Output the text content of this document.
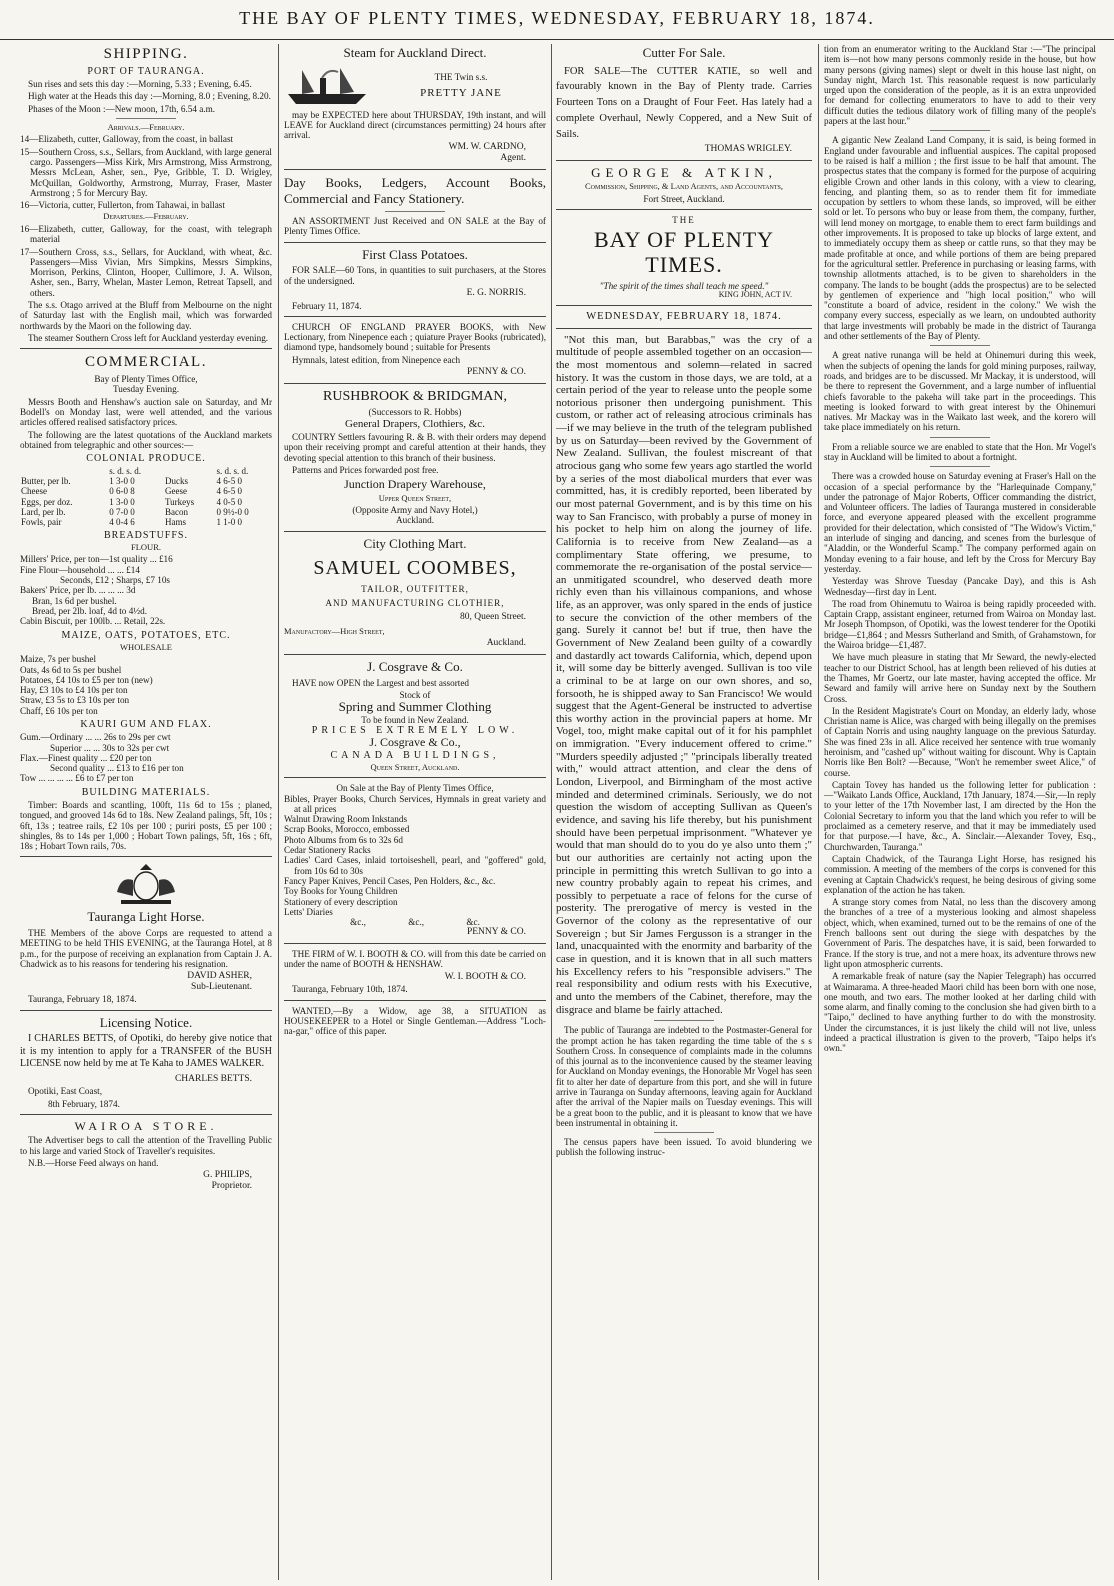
THE BAY OF PLENTY TIMES, WEDNESDAY, FEBRUARY 18, 1874.
SHIPPING.
PORT OF TAURANGA.

Sun rises and sets this day :—Morning, 5.33 ; Evening, 6.45.

High water at the Heads this day :—Morning, 8.0 ; Evening, 8.20.

Phases of the Moon :—New moon, 17th, 6.54 a.m.

Arrivals.—February.

14—Elizabeth, cutter, Galloway, from the coast, in ballast

15—Southern Cross, s.s., Sellars, from Auckland, with large general cargo. Passengers—Miss Kirk, Mrs Armstrong, Miss Armstrong, Messrs McLean, Asher, sen., Pye, Gribble, T. D. Wrigley, McQuillan, Goldworthy, Armstrong, Murray, Fraser, Master Armstrong ; 5 for Mercury Bay.

16—Victoria, cutter, Fullerton, from Tahawai, in ballast

Departures.—February.

16—Elizabeth, cutter, Galloway, for the coast, with telegraph material

17—Southern Cross, s.s., Sellars, for Auckland, with wheat, &c. Passengers—Miss Vivian, Mrs Simpkins, Messrs Simpkins, Morrison, Perkins, Clinton, Hooper, Cullimore, J. A. Wilson, Asher, sen., Barry, Whelan, Master Lemon, Retreat Tapsell, and others.

The s.s. Otago arrived at the Bluff from Melbourne on the night of Saturday last with the English mail, which was forwarded northwards by the Maori on the following day.

The steamer Southern Cross left for Auckland yesterday evening.

COMMERCIAL.
Bay of Plenty Times Office,
Tuesday Evening.

Messrs Booth and Henshaw's auction sale on Saturday, and Mr Bodell's on Monday last, were well attended, and the various articles offered realised satisfactory prices.

The following are the latest quotations of the Auckland markets obtained from telegraphic and other sources:—

COLONIAL PRODUCE.
	s. d. s. d.		s. d. s. d.
Butter, per lb.	1 3-0 0	Ducks	4 6-5 0
Cheese	0 6-0 8	Geese	4 6-5 0
Eggs, per doz.	1 3-0 0	Turkeys	4 0-5 0
Lard, per lb.	0 7-0 0	Bacon	0 9½-0 0
Fowls, pair	4 0-4 6	Hams	1 1-0 0
BREADSTUFFS.
FLOUR.
Millers' Price, per ton—1st quality ... £16
Fine Flour—household ... ... £14
Seconds, £12 ; Sharps, £7 10s
Bakers' Price, per lb. ... ... ... 3d
Bran, 1s 6d per bushel.
Bread, per 2lb. loaf, 4d to 4½d.
Cabin Biscuit, per 100lb. ... Retail, 22s.
MAIZE, OATS, POTATOES, ETC.
WHOLESALE
Maize, 7s per bushel
Oats, 4s 6d to 5s per bushel
Potatoes, £4 10s to £5 per ton (new)
Hay, £3 10s to £4 10s per ton
Straw, £3 5s to £3 10s per ton
Chaff, £6 10s per ton
KAURI GUM AND FLAX.
Gum.—Ordinary ... ... 26s to 29s per cwt
Superior ... ... 30s to 32s per cwt
Flax.—Finest quality ... £20 per ton
Second quality ... £13 to £16 per ton
Tow ... ... ... ... £6 to £7 per ton
BUILDING MATERIALS.

Timber: Boards and scantling, 100ft, 11s 6d to 15s ; planed, tongued, and grooved 14s 6d to 18s. New Zealand palings, 5ft, 10s ; 6ft, 13s ; teatree rails, £2 10s per 100 ; puriri posts, £5 per 100 ; shingles, 8s to 14s per 1,000 ; Hobart Town palings, 5ft, 16s ; 6ft, 18s ; Hobart Town rails, 70s.

Tauranga Light Horse.

THE Members of the above Corps are requested to attend a MEETING to be held THIS EVENING, at the Tauranga Hotel, at 8 p.m., for the purpose of receiving an explanation from Captain J. A. Chadwick as to his reasons for tendering his resignation.

DAVID ASHER,
Sub-Lieutenant.

Tauranga, February 18, 1874.

Licensing Notice.

I CHARLES BETTS, of Opotiki, do hereby give notice that it is my intention to apply for a TRANSFER of the BUSH LICENSE now held by me at Te Kaha to JAMES WALKER.

CHARLES BETTS.

Opotiki, East Coast,

8th February, 1874.

WAIROA STORE.

The Advertiser begs to call the attention of the Travelling Public to his large and varied Stock of Traveller's requisites.

N.B.—Horse Feed always on hand.

G. PHILIPS,
Proprietor.
Steam for Auckland Direct.
THE Twin s.s.
PRETTY JANE

may be EXPECTED here about THURSDAY, 19th instant, and will LEAVE for Auckland direct (circumstances permitting) 24 hours after arrival.

WM. W. CARDNO,
Agent.
Day Books, Ledgers, Account Books, Commercial and Fancy Stationery.

AN ASSORTMENT Just Received and ON SALE at the Bay of Plenty Times Office.

First Class Potatoes.

FOR SALE—60 Tons, in quantities to suit purchasers, at the Stores of the undersigned.

E. G. NORRIS.

February 11, 1874.

CHURCH OF ENGLAND PRAYER BOOKS, with New Lectionary, from Ninepence each ; quiature Prayer Books (rubricated), diamond type, handsomely bound ; suitable for Presents

Hymnals, latest edition, from Ninepence each

PENNY & CO.
RUSHBROOK & BRIDGMAN,
(Successors to R. Hobbs)
General Drapers, Clothiers, &c.

COUNTRY Settlers favouring R. & B. with their orders may depend upon their receiving prompt and careful attention at their hands, they devoting special attention to this branch of their business.

Patterns and Prices forwarded post free.

Junction Drapery Warehouse,
Upper Queen Street,
(Opposite Army and Navy Hotel,)
Auckland.
City Clothing Mart.
SAMUEL COOMBES,
TAILOR, OUTFITTER,
AND MANUFACTURING CLOTHIER,
80, Queen Street.
Manufactory—High Street,
Auckland.
J. Cosgrave & Co.

HAVE now OPEN the Largest and best assorted

Stock of
Spring and Summer Clothing
To be found in New Zealand.
PRICES EXTREMELY LOW.
J. Cosgrave & Co.,
CANADA BUILDINGS,
Queen Street, Auckland.
On Sale at the Bay of Plenty Times Office,
Bibles, Prayer Books, Church Services, Hymnals in great variety and at all prices
Walnut Drawing Room Inkstands
Scrap Books, Morocco, embossed
Photo Albums from 6s to 32s 6d
Cedar Stationery Racks
Ladies' Card Cases, inlaid tortoiseshell, pearl, and "goffered" gold, from 10s 6d to 30s
Fancy Paper Knives, Pencil Cases, Pen Holders, &c., &c.
Toy Books for Young Children
Stationery of every description
Letts' Diaries
&c., &c., &c.
PENNY & CO.

THE FIRM of W. I. BOOTH & CO. will from this date be carried on under the name of BOOTH & HENSHAW.

W. I. BOOTH & CO.

Tauranga, February 10th, 1874.

WANTED,—By a Widow, age 38, a SITUATION as HOUSEKEEPER to a Hotel or Single Gentleman.—Address "Loch-na-gar," office of this paper.

Cutter For Sale.

FOR SALE—The CUTTER KATIE, so well and favourably known in the Bay of Plenty trade. Carries Fourteen Tons on a Draught of Four Feet. Has lately had a complete Overhaul, Newly Coppered, and a New Suit of Sails.

THOMAS WRIGLEY.
GEORGE & ATKIN,
Commission, Shipping, & Land Agents, and Accountants,
Fort Street, Auckland.
THE
BAY OF PLENTY TIMES.
"The spirit of the times shall teach me speed."
KING JOHN, ACT IV.
WEDNESDAY, FEBRUARY 18, 1874.

"Not this man, but Barabbas," was the cry of a multitude of people assembled together on an occasion—the most momentous and solemn—related in sacred history. It was the custom in those days, we are told, at a certain period of the year to release unto the people some notorious prisoner then undergoing punishment. This custom, or rather act of releasing atrocious criminals has—if we may believe in the truth of the telegram published by us on Saturday—been revived by the Government of New Zealand. Sullivan, the foulest miscreant of that atrocious gang who some few years ago startled the world by a series of the most diabolical murders that ever was committed, has, it is credibly reported, been liberated by our most paternal Government, and is by this time on his way to San Francisco, with probably a purse of money in his pocket to help him on along the journey of life. California is to receive from New Zealand—as a complimentary State offering, we presume, to commemorate the re-organisation of the postal service—an unmitigated scoundrel, who deserved death more richly even than his villainous companions, and whose life, as an approver, was only spared in the ends of justice to secure the conviction of the other members of the gang. Surely it cannot be! but if true, then have the Government of New Zealand been guilty of a cowardly and dastardly act towards California, which, depend upon it, will some day be bitterly avenged. Sullivan is too vile a criminal to be at large on our own shores, and so, forsooth, he is shipped away to San Francisco! We would suggest that the Agent-General be instructed to advertise this worthy action in the provincial papers at home. Mr Vogel, too, might make capital out of it for his pamphlet on immigration. "Every inducement offered to crime." "Murders speedily adjusted ;" "principals liberally treated with," would attract attention, and clear the dens of London, Liverpool, and Birmingham of the most active minded and determined criminals. Seriously, we do not question the wisdom of accepting Sullivan as Queen's evidence, and saving his life thereby, but his punishment should have been perpetual imprisonment. "Whatever ye would that man should do to you do ye also unto them ;" but our authorities are certainly not acting upon the principle in permitting this wretch Sullivan to go into a new country probably again to repeat his crimes, and possibly to perpetuate a race of felons for the curse of posterity. The prerogative of mercy is vested in the Governor of the colony as the representative of our Sovereign ; but Sir James Fergusson is a stranger in the land, unacquainted with the enormity and barbarity of the case in question, and it is known that in all such matters his Excellency refers to his "responsible advisers." The real responsibility and odium rests with his Executive, and unto the members of the Cabinet, therefore, may the disgrace and blame be fairly attached.

The public of Tauranga are indebted to the Postmaster-General for the prompt action he has taken regarding the time table of the s s Southern Cross. In consequence of complaints made in the columns of this journal as to the inconvenience caused by the steamer leaving for Auckland on Monday evenings, the Honorable Mr Vogel has seen fit to alter her date of departure from this port, and she will in future arrive in Tauranga on Sunday afternoons, leaving again for Auckland after the arrival of the Napier mails on Tuesday evenings. This will be a great boon to the public, and it is pleasant to know that we have been instrumental in obtaining it.

The census papers have been issued. To avoid blundering we publish the following instruc-

tion from an enumerator writing to the Auckland Star :—"The principal item is—not how many persons commonly reside in the house, but how many persons (giving names) slept or dwelt in this house last night, on Sunday night, March 1st. This reasonable request is now particularly urged upon the consideration of the people, as it is an extra unprovided for demand for collecting enumerators to have to add to their very difficult duties the tedious dilatory work of filling many of the people's papers at the last hour."

A gigantic New Zealand Land Company, it is said, is being formed in England under favourable and influential auspices. The capital proposed to be raised is half a million ; the first issue to be half that amount. The prospectus states that the company is formed for the purpose of acquiring eligible Crown and other lands in this colony, with a view to clearing, fencing, and planting them, so as to render them fit for immediate occupation by settlers to whom these lands, so improved, will be either sold or let. To persons who buy or lease from them, the company, further, will lend money on mortgage, to enable them to erect farm buildings and other improvements. It is proposed to take up blocks of large extent, and to immediately occupy them as sheep or cattle runs, so that they may be made profitable at once, and while portions of them are being prepared for the agricultural settler. Preference in purchasing or leasing farms, with township allotments attached, is to be given to shareholders in the company. The lands to be bought (adds the prospectus) are to be selected by gentlemen of experience and "high local position," who will "constitute a board of advice, resident in the colony." We wish the company every success, especially as we learn, on undoubted authority that large investments will probably be made in the district of Tauranga and other settlements of the Bay of Plenty.

A great native runanga will be held at Ohinemuri during this week, when the subjects of opening the lands for gold mining purposes, railway, roads, and bridges are to be discussed. Mr Mackay, it is understood, will be there to represent the Government, and a large number of influential chiefs favorable to the pakeha will take part in the proceedings. This meeting is looked forward to with great interest by the Ohinemuri natives. Mr Mackay was in the Waikato last week, and the korero will take place immediately on his return.

From a reliable source we are enabled to state that the Hon. Mr Vogel's stay in Auckland will be limited to about a fortnight.

There was a crowded house on Saturday evening at Fraser's Hall on the occasion of a special performance by the "Harlequinade Company," under the patronage of Major Roberts, Officer commanding the district, and Volunteer officers. The ladies of Tauranga mustered in considerable force, and everyone appeared pleased with the excellent programme provided for their delectation, which consisted of "The Widow's Victim," an interlude of singing and dancing, and scenes from the burlesque of "Aladdin, or the Wonderful Scamp." The company performed again on Monday evening to a fair house, and left by the Cross for Mercury Bay yesterday.

Yesterday was Shrove Tuesday (Pancake Day), and this is Ash Wednesday—first day in Lent.

The road from Ohinemutu to Wairoa is being rapidly proceeded with. Captain Crapp, assistant engineer, returned from Wairoa on Monday last. Mr Joseph Thompson, of Opotiki, was the lowest tenderer for the Opotiki bridge—£1,864 ; and Messrs Sutherland and Smith, of Grahamstown, for the Wairoa bridge—£1,487.

We have much pleasure in stating that Mr Seward, the newly-elected teacher to our District School, has at length been relieved of his duties at the Thames, Mr Goertz, our late master, having accepted the office. Mr Seward and family will arrive here on Sunday next by the Southern Cross.

In the Resident Magistrate's Court on Monday, an elderly lady, whose Christian name is Alice, was charged with being illegally on the premises of Captain Norris and using naughty language on the previous Saturday. She was fined 23s in all. Alice received her sentence with true womanly heroinism, and "cashed up" without waiting for discount. Why is Captain Norris like Ben Bolt? —Because, "Won't he remember sweet Alice," of course.

Captain Tovey has handed us the following letter for publication :—"Waikato Lands Office, Auckland, 17th January, 1874.—Sir,—In reply to your letter of the 17th November last, I am directed by the Hon the Colonial Secretary to inform you that the land which you refer to will be proclaimed as a cemetery reserve, and that it may be immediately used for that purpose.—I have, &c., A. Sinclair.—Alexander Tovey, Esq., Churchwarden, Tauranga."

Captain Chadwick, of the Tauranga Light Horse, has resigned his commission. A meeting of the members of the corps is convened for this evening at Captain Chadwick's request, he being desirous of giving some explanation of the action he has taken.

A strange story comes from Natal, no less than the discovery among the branches of a tree of a mysterious looking and almost shapeless object, which, when examined, turned out to be the remains of one of the French balloons sent out during the siege with despatches by the Government of Paris. The despatches have, it is said, been forwarded to France. If the story is true, and not a mere hoax, its adventure throws new light upon atmospheric currents.

A remarkable freak of nature (say the Napier Telegraph) has occurred at Waimarama. A three-headed Maori child has been born with one nose, one mouth, and two ears. The mother looked at her darling child with some alarm, and finally coming to the conclusion she had given birth to a "Taipo," declined to have anything further to do with the monstrosity. Under the circumstances, it is just likely the child will not live, unless indeed a practical illustration is given to the proverb, "Taipo helps it's own."
